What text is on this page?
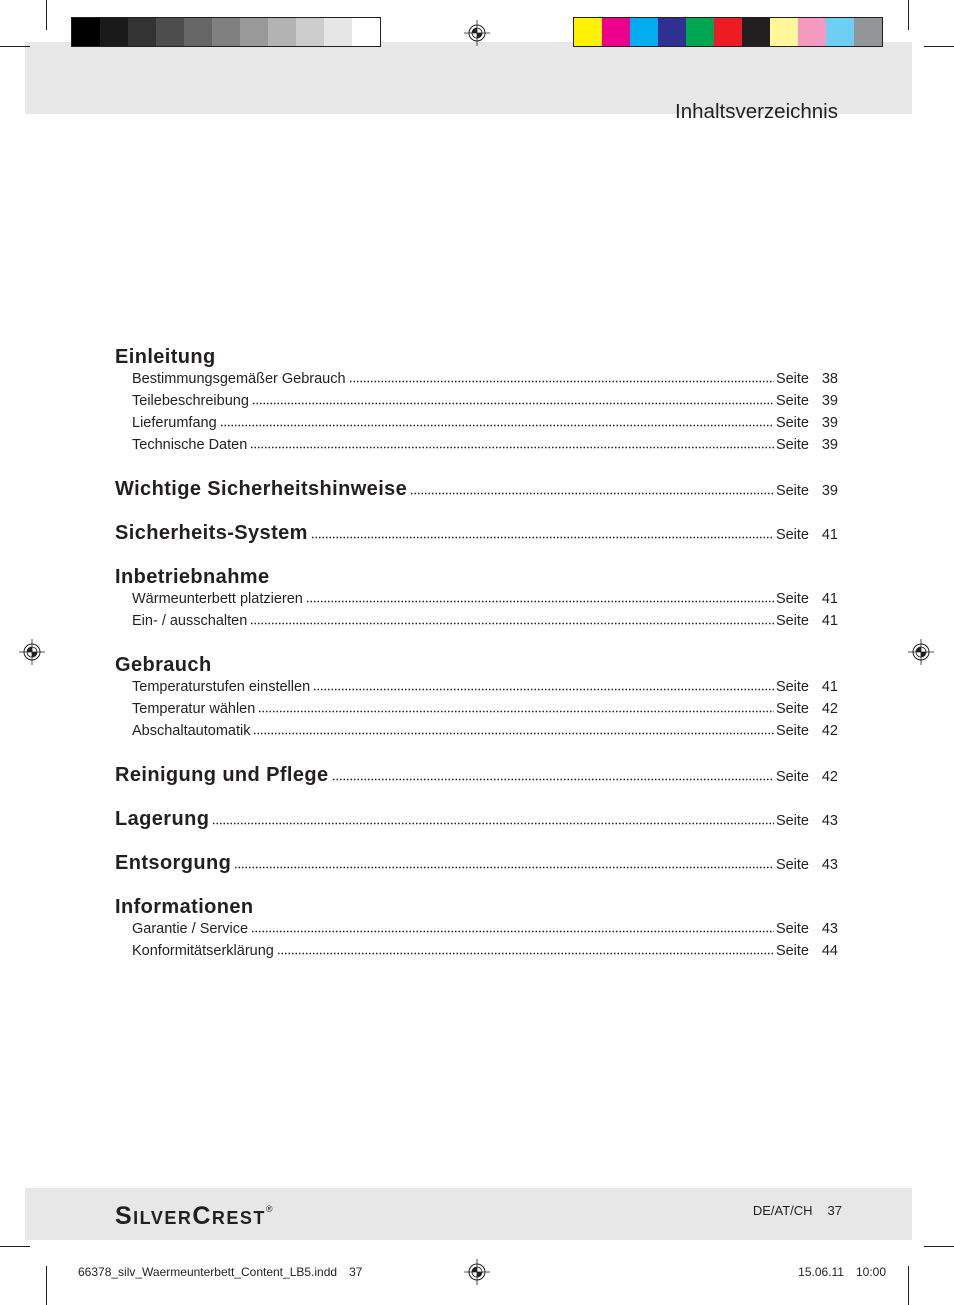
Inhaltsverzeichnis
Einleitung
Bestimmungsgemäßer Gebrauch	Seite 38
Teilebeschreibung	Seite 39
Lieferumfang	Seite 39
Technische Daten	Seite 39
Wichtige Sicherheitshinweise	Seite 39
Sicherheits-System	Seite 41
Inbetriebnahme
Wärmeunterbett platzieren	Seite 41
Ein- / ausschalten	Seite 41
Gebrauch
Temperaturstufen einstellen	Seite 41
Temperatur wählen	Seite 42
Abschaltautomatik	Seite 42
Reinigung und Pflege	Seite 42
Lagerung	Seite 43
Entsorgung	Seite 43
Informationen
Garantie / Service	Seite 43
Konformitätserklärung	Seite 44
SilverCrest®	DE/AT/CH 37
66378_silv_Waermeunterbett_Content_LB5.indd 37	15.06.11 10:00
